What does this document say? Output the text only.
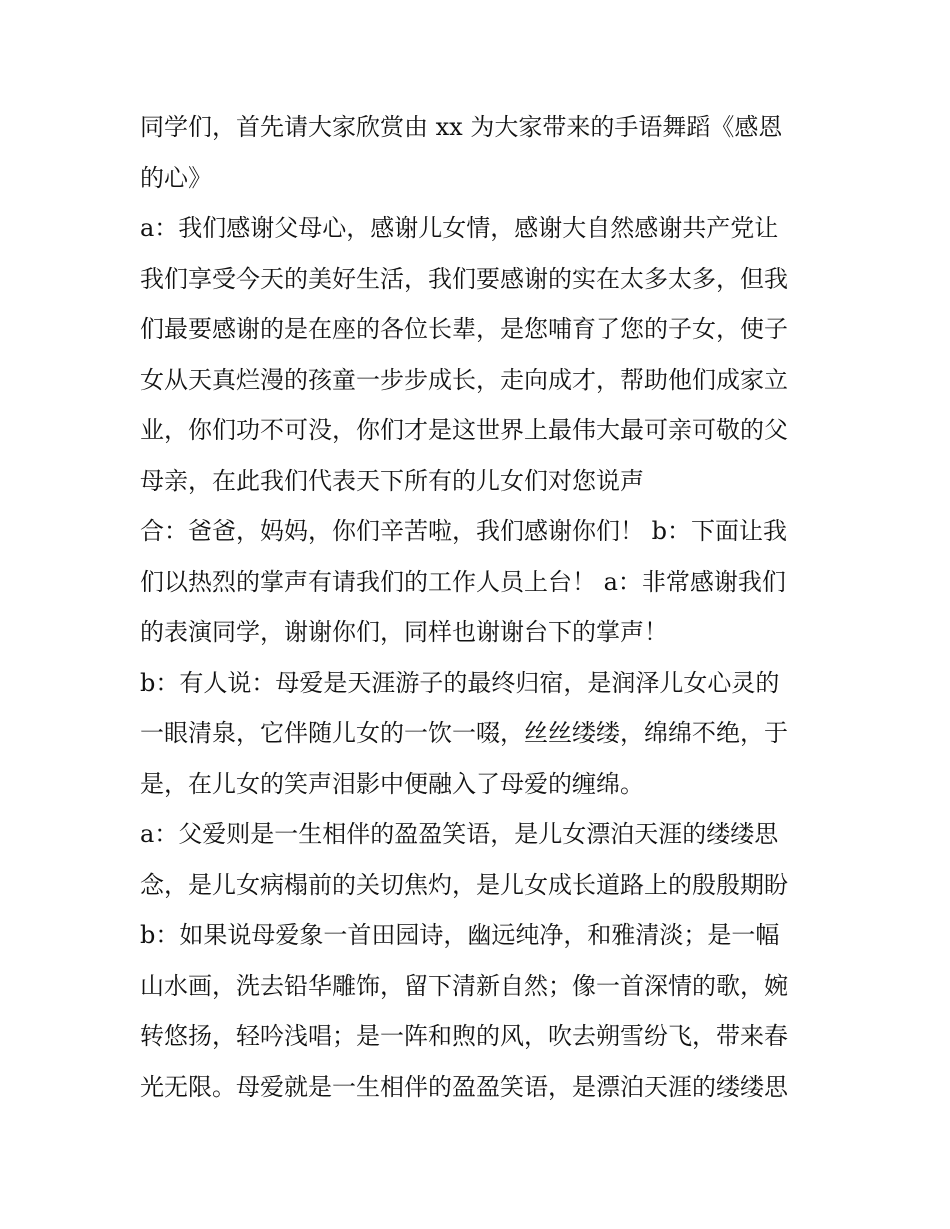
同学们，首先请大家欣赏由 xx 为大家带来的手语舞蹈《感恩
的心》
a：我们感谢父母心，感谢儿女情，感谢大自然感谢共产党让
我们享受今天的美好生活，我们要感谢的实在太多太多，但我
们最要感谢的是在座的各位长辈，是您哺育了您的子女，使子
女从天真烂漫的孩童一步步成长，走向成才，帮助他们成家立
业，你们功不可没，你们才是这世界上最伟大最可亲可敬的父
母亲，在此我们代表天下所有的儿女们对您说声
合：爸爸，妈妈，你们辛苦啦，我们感谢你们！ b：下面让我
们以热烈的掌声有请我们的工作人员上台！ a：非常感谢我们
的表演同学，谢谢你们，同样也谢谢台下的掌声！
b：有人说：母爱是天涯游子的最终归宿，是润泽儿女心灵的
一眼清泉，它伴随儿女的一饮一啜，丝丝缕缕，绵绵不绝，于
是，在儿女的笑声泪影中便融入了母爱的缠绵。
a：父爱则是一生相伴的盈盈笑语，是儿女漂泊天涯的缕缕思
念，是儿女病榻前的关切焦灼，是儿女成长道路上的殷殷期盼
b：如果说母爱象一首田园诗，幽远纯净，和雅清淡；是一幅
山水画，洗去铅华雕饰，留下清新自然；像一首深情的歌，婉
转悠扬，轻吟浅唱；是一阵和煦的风，吹去朔雪纷飞，带来春
光无限。母爱就是一生相伴的盈盈笑语，是漂泊天涯的缕缕思
